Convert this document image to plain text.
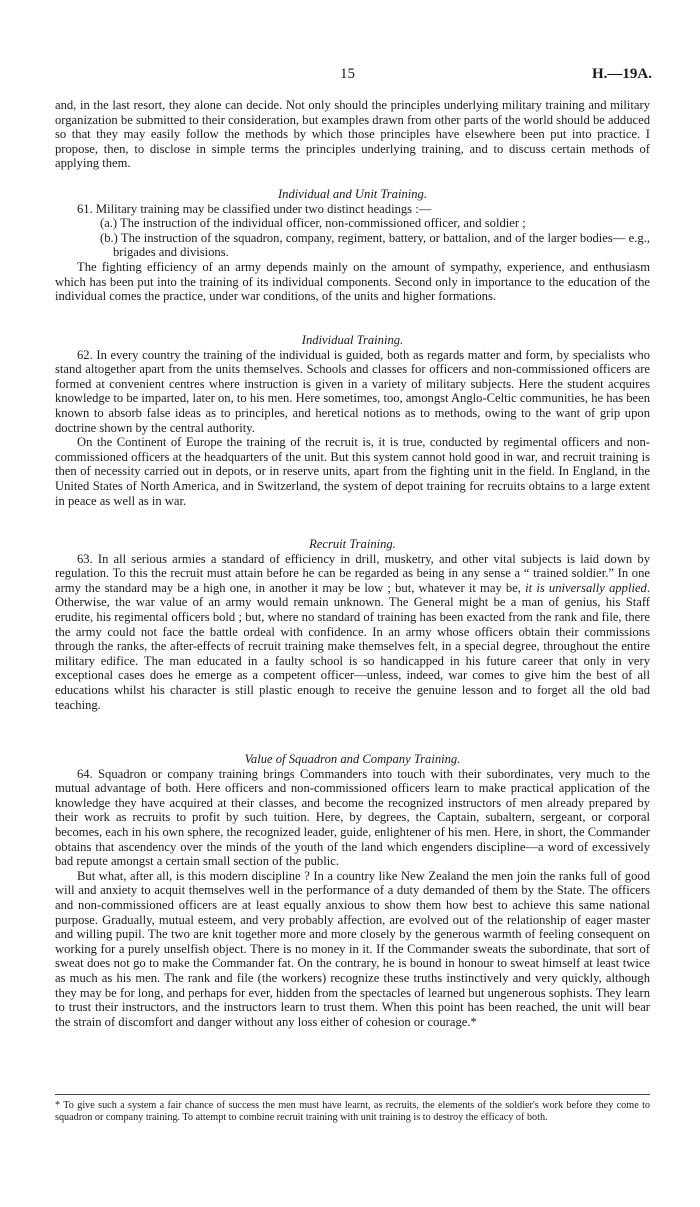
15	H.—19A.

and, in the last resort, they alone can decide. Not only should the principles underlying military training and military organization be submitted to their consideration, but examples drawn from other parts of the world should be adduced so that they may easily follow the methods by which those principles have elsewhere been put into practice. I propose, then, to disclose in simple terms the principles underlying training, and to discuss certain methods of applying them.

Individual and Unit Training.

61. Military training may be classified under two distinct headings :—

(a.) The instruction of the individual officer, non-commissioned officer, and soldier ;

(b.) The instruction of the squadron, company, regiment, battery, or battalion, and of the larger bodies— e.g., brigades and divisions.

The fighting efficiency of an army depends mainly on the amount of sympathy, experience, and enthusiasm which has been put into the training of its individual components. Second only in importance to the education of the individual comes the practice, under war conditions, of the units and higher formations.

Individual Training.

62. In every country the training of the individual is guided, both as regards matter and form, by specialists who stand altogether apart from the units themselves. Schools and classes for officers and non-commissioned officers are formed at convenient centres where instruction is given in a variety of military subjects. Here the student acquires knowledge to be imparted, later on, to his men. Here sometimes, too, amongst Anglo-Celtic communities, he has been known to absorb false ideas as to principles, and heretical notions as to methods, owing to the want of grip upon doctrine shown by the central authority.

On the Continent of Europe the training of the recruit is, it is true, conducted by regimental officers and non-commissioned officers at the headquarters of the unit. But this system cannot hold good in war, and recruit training is then of necessity carried out in depots, or in reserve units, apart from the fighting unit in the field. In England, in the United States of North America, and in Switzerland, the system of depot training for recruits obtains to a large extent in peace as well as in war.

Recruit Training.

63. In all serious armies a standard of efficiency in drill, musketry, and other vital subjects is laid down by regulation. To this the recruit must attain before he can be regarded as being in any sense a “ trained soldier.” In one army the standard may be a high one, in another it may be low ; but, whatever it may be, it is universally applied. Otherwise, the war value of an army would remain unknown. The General might be a man of genius, his Staff erudite, his regimental officers bold ; but, where no standard of training has been exacted from the rank and file, there the army could not face the battle ordeal with confidence. In an army whose officers obtain their commissions through the ranks, the after-effects of recruit training make themselves felt, in a special degree, throughout the entire military edifice. The man educated in a faulty school is so handicapped in his future career that only in very exceptional cases does he emerge as a competent officer—unless, indeed, war comes to give him the best of all educations whilst his character is still plastic enough to receive the genuine lesson and to forget all the old bad teaching.

Value of Squadron and Company Training.

64. Squadron or company training brings Commanders into touch with their subordinates, very much to the mutual advantage of both. Here officers and non-commissioned officers learn to make practical application of the knowledge they have acquired at their classes, and become the recognized instructors of men already prepared by their work as recruits to profit by such tuition. Here, by degrees, the Captain, subaltern, sergeant, or corporal becomes, each in his own sphere, the recognized leader, guide, enlightener of his men. Here, in short, the Commander obtains that ascendency over the minds of the youth of the land which engenders discipline—a word of excessively bad repute amongst a certain small section of the public.

But what, after all, is this modern discipline ? In a country like New Zealand the men join the ranks full of good will and anxiety to acquit themselves well in the performance of a duty demanded of them by the State. The officers and non-commissioned officers are at least equally anxious to show them how best to achieve this same national purpose. Gradually, mutual esteem, and very probably affection, are evolved out of the relationship of eager master and willing pupil. The two are knit together more and more closely by the generous warmth of feeling consequent on working for a purely unselfish object. There is no money in it. If the Commander sweats the subordinate, that sort of sweat does not go to make the Commander fat. On the contrary, he is bound in honour to sweat himself at least twice as much as his men. The rank and file (the workers) recognize these truths instinctively and very quickly, although they may be for long, and perhaps for ever, hidden from the spectacles of learned but ungenerous sophists. They learn to trust their instructors, and the instructors learn to trust them. When this point has been reached, the unit will bear the strain of discomfort and danger without any loss either of cohesion or courage.*

* To give such a system a fair chance of success the men must have learnt, as recruits, the elements of the soldier's work before they come to squadron or company training. To attempt to combine recruit training with unit training is to destroy the efficacy of both.
